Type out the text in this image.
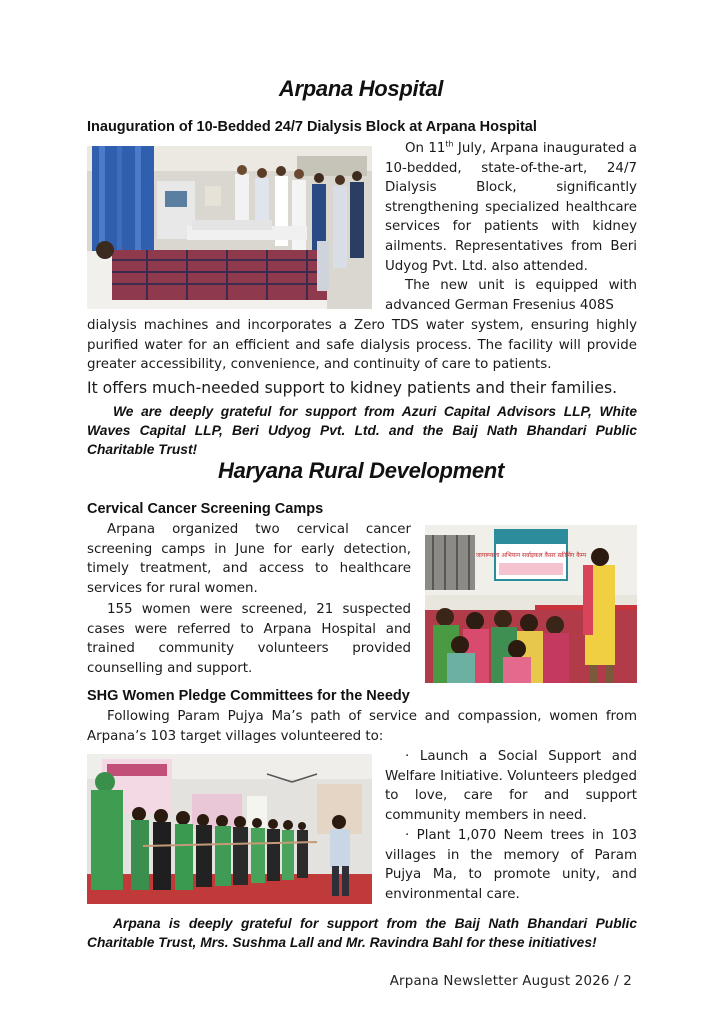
Arpana Hospital
Inauguration of 10-Bedded 24/7 Dialysis Block at Arpana Hospital

On 11th July, Arpana inaugurated a 10-bedded, state-of-the-art, 24/7 Dialysis Block, significantly strengthening specialized healthcare services for patients with kidney ailments. Representatives from Beri Udyog Pvt. Ltd. also attended.

The new unit is equipped with advanced German Fresenius 408S

dialysis machines and incorporates a Zero TDS water system, ensuring highly purified water for an efficient and safe dialysis process. The facility will provide greater accessibility, convenience, and continuity of care to patients.

It offers much-needed support to kidney patients and their families.

We are deeply grateful for support from Azuri Capital Advisors LLP, White Waves Capital LLP, Beri Udyog Pvt. Ltd. and the Baij Nath Bhandari Public Charitable Trust!

Haryana Rural Development
Cervical Cancer Screening Camps

Arpana organized two cervical cancer screening camps in June for early detection, timely treatment, and access to healthcare services for rural women.

155 women were screened, 21 suspected cases were referred to Arpana Hospital and trained community volunteers provided counselling and support.

जागरूकता अभियान सर्वाइकल कैंसर स्क्रीनिंग कैम्प
SHG Women Pledge Committees for the Needy

Following Param Pujya Ma’s path of service and compassion, women from Arpana’s 103 target villages volunteered to:

· Launch a Social Support and Welfare Initiative. Volunteers pledged to love, care for and support community members in need.

· Plant 1,070 Neem trees in 103 villages in the memory of Param Pujya Ma, to promote unity, and environmental care.

Arpana is deeply grateful for support from the Baij Nath Bhandari Public Charitable Trust, Mrs. Sushma Lall and Mr. Ravindra Bahl for these initiatives!

Arpana Newsletter August 2026 / 2
